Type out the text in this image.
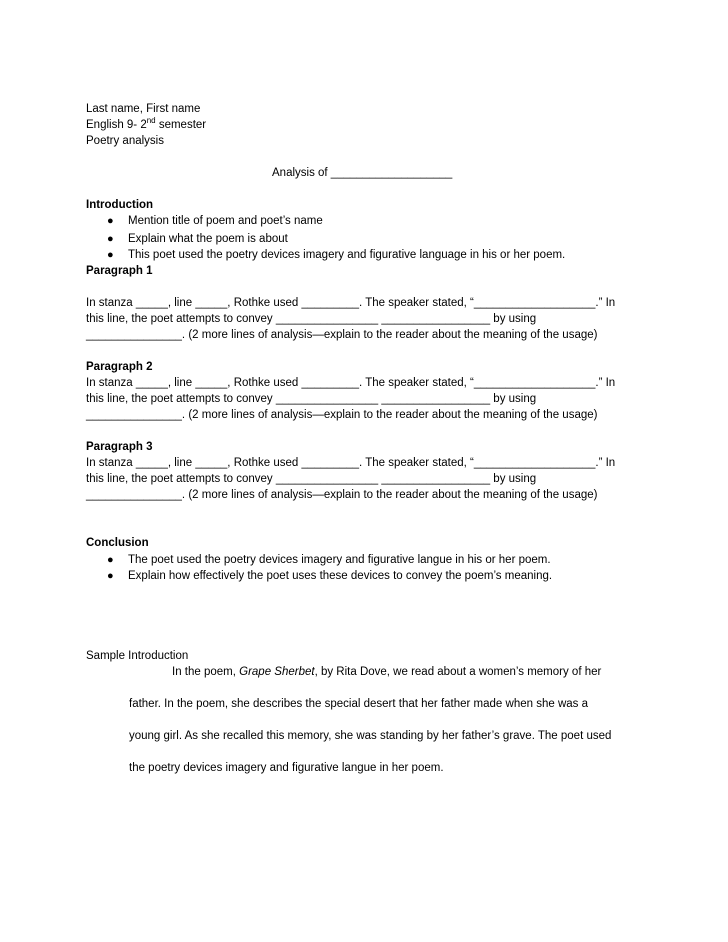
Last name, First name
English 9- 2nd semester
Poetry analysis
Analysis of ___________________
Introduction
● Mention title of poem and poet’s name
● Explain what the poem is about
● This poet used the poetry devices imagery and figurative language in his or her poem.
Paragraph 1
In stanza _____, line _____, Rothke used _________. The speaker stated, “___________________.” In
this line, the poet attempts to convey ________________ _________________ by using
_______________. (2 more lines of analysis—explain to the reader about the meaning of the usage)
Paragraph 2
In stanza _____, line _____, Rothke used _________. The speaker stated, “___________________.” In
this line, the poet attempts to convey ________________ _________________ by using
_______________. (2 more lines of analysis—explain to the reader about the meaning of the usage)
Paragraph 3
In stanza _____, line _____, Rothke used _________. The speaker stated, “___________________.” In
this line, the poet attempts to convey ________________ _________________ by using
_______________. (2 more lines of analysis—explain to the reader about the meaning of the usage)
Conclusion
● The poet used the poetry devices imagery and figurative langue in his or her poem.
● Explain how effectively the poet uses these devices to convey the poem’s meaning.
Sample Introduction
In the poem, Grape Sherbet, by Rita Dove, we read about a women’s memory of her
father. In the poem, she describes the special desert that her father made when she was a
young girl. As she recalled this memory, she was standing by her father’s grave. The poet used
the poetry devices imagery and figurative langue in her poem.
